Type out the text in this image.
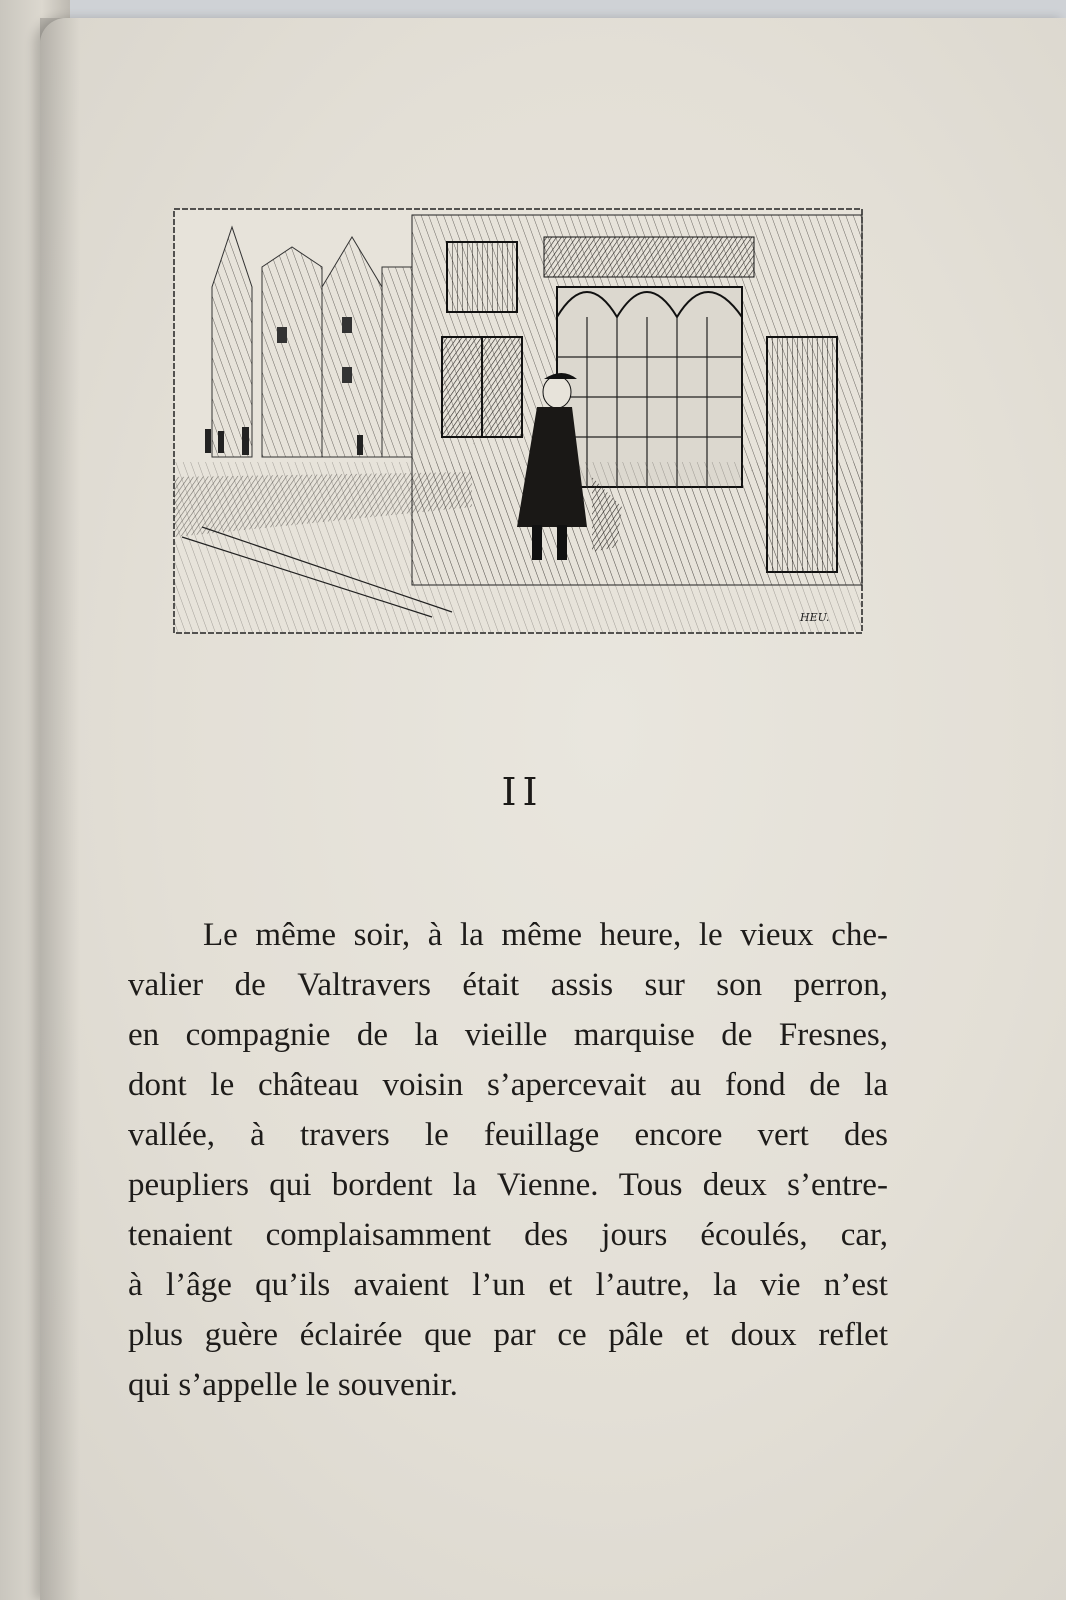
HEU.
II
Le même soir, à la même heure, le vieux che-
valier de Valtravers était assis sur son perron,
en compagnie de la vieille marquise de Fresnes,
dont le château voisin s’apercevait au fond de la
vallée, à travers le feuillage encore vert des
peupliers qui bordent la Vienne. Tous deux s’entre-
tenaient complaisamment des jours écoulés, car,
à l’âge qu’ils avaient l’un et l’autre, la vie n’est
plus guère éclairée que par ce pâle et doux reflet
qui s’appelle le souvenir.
